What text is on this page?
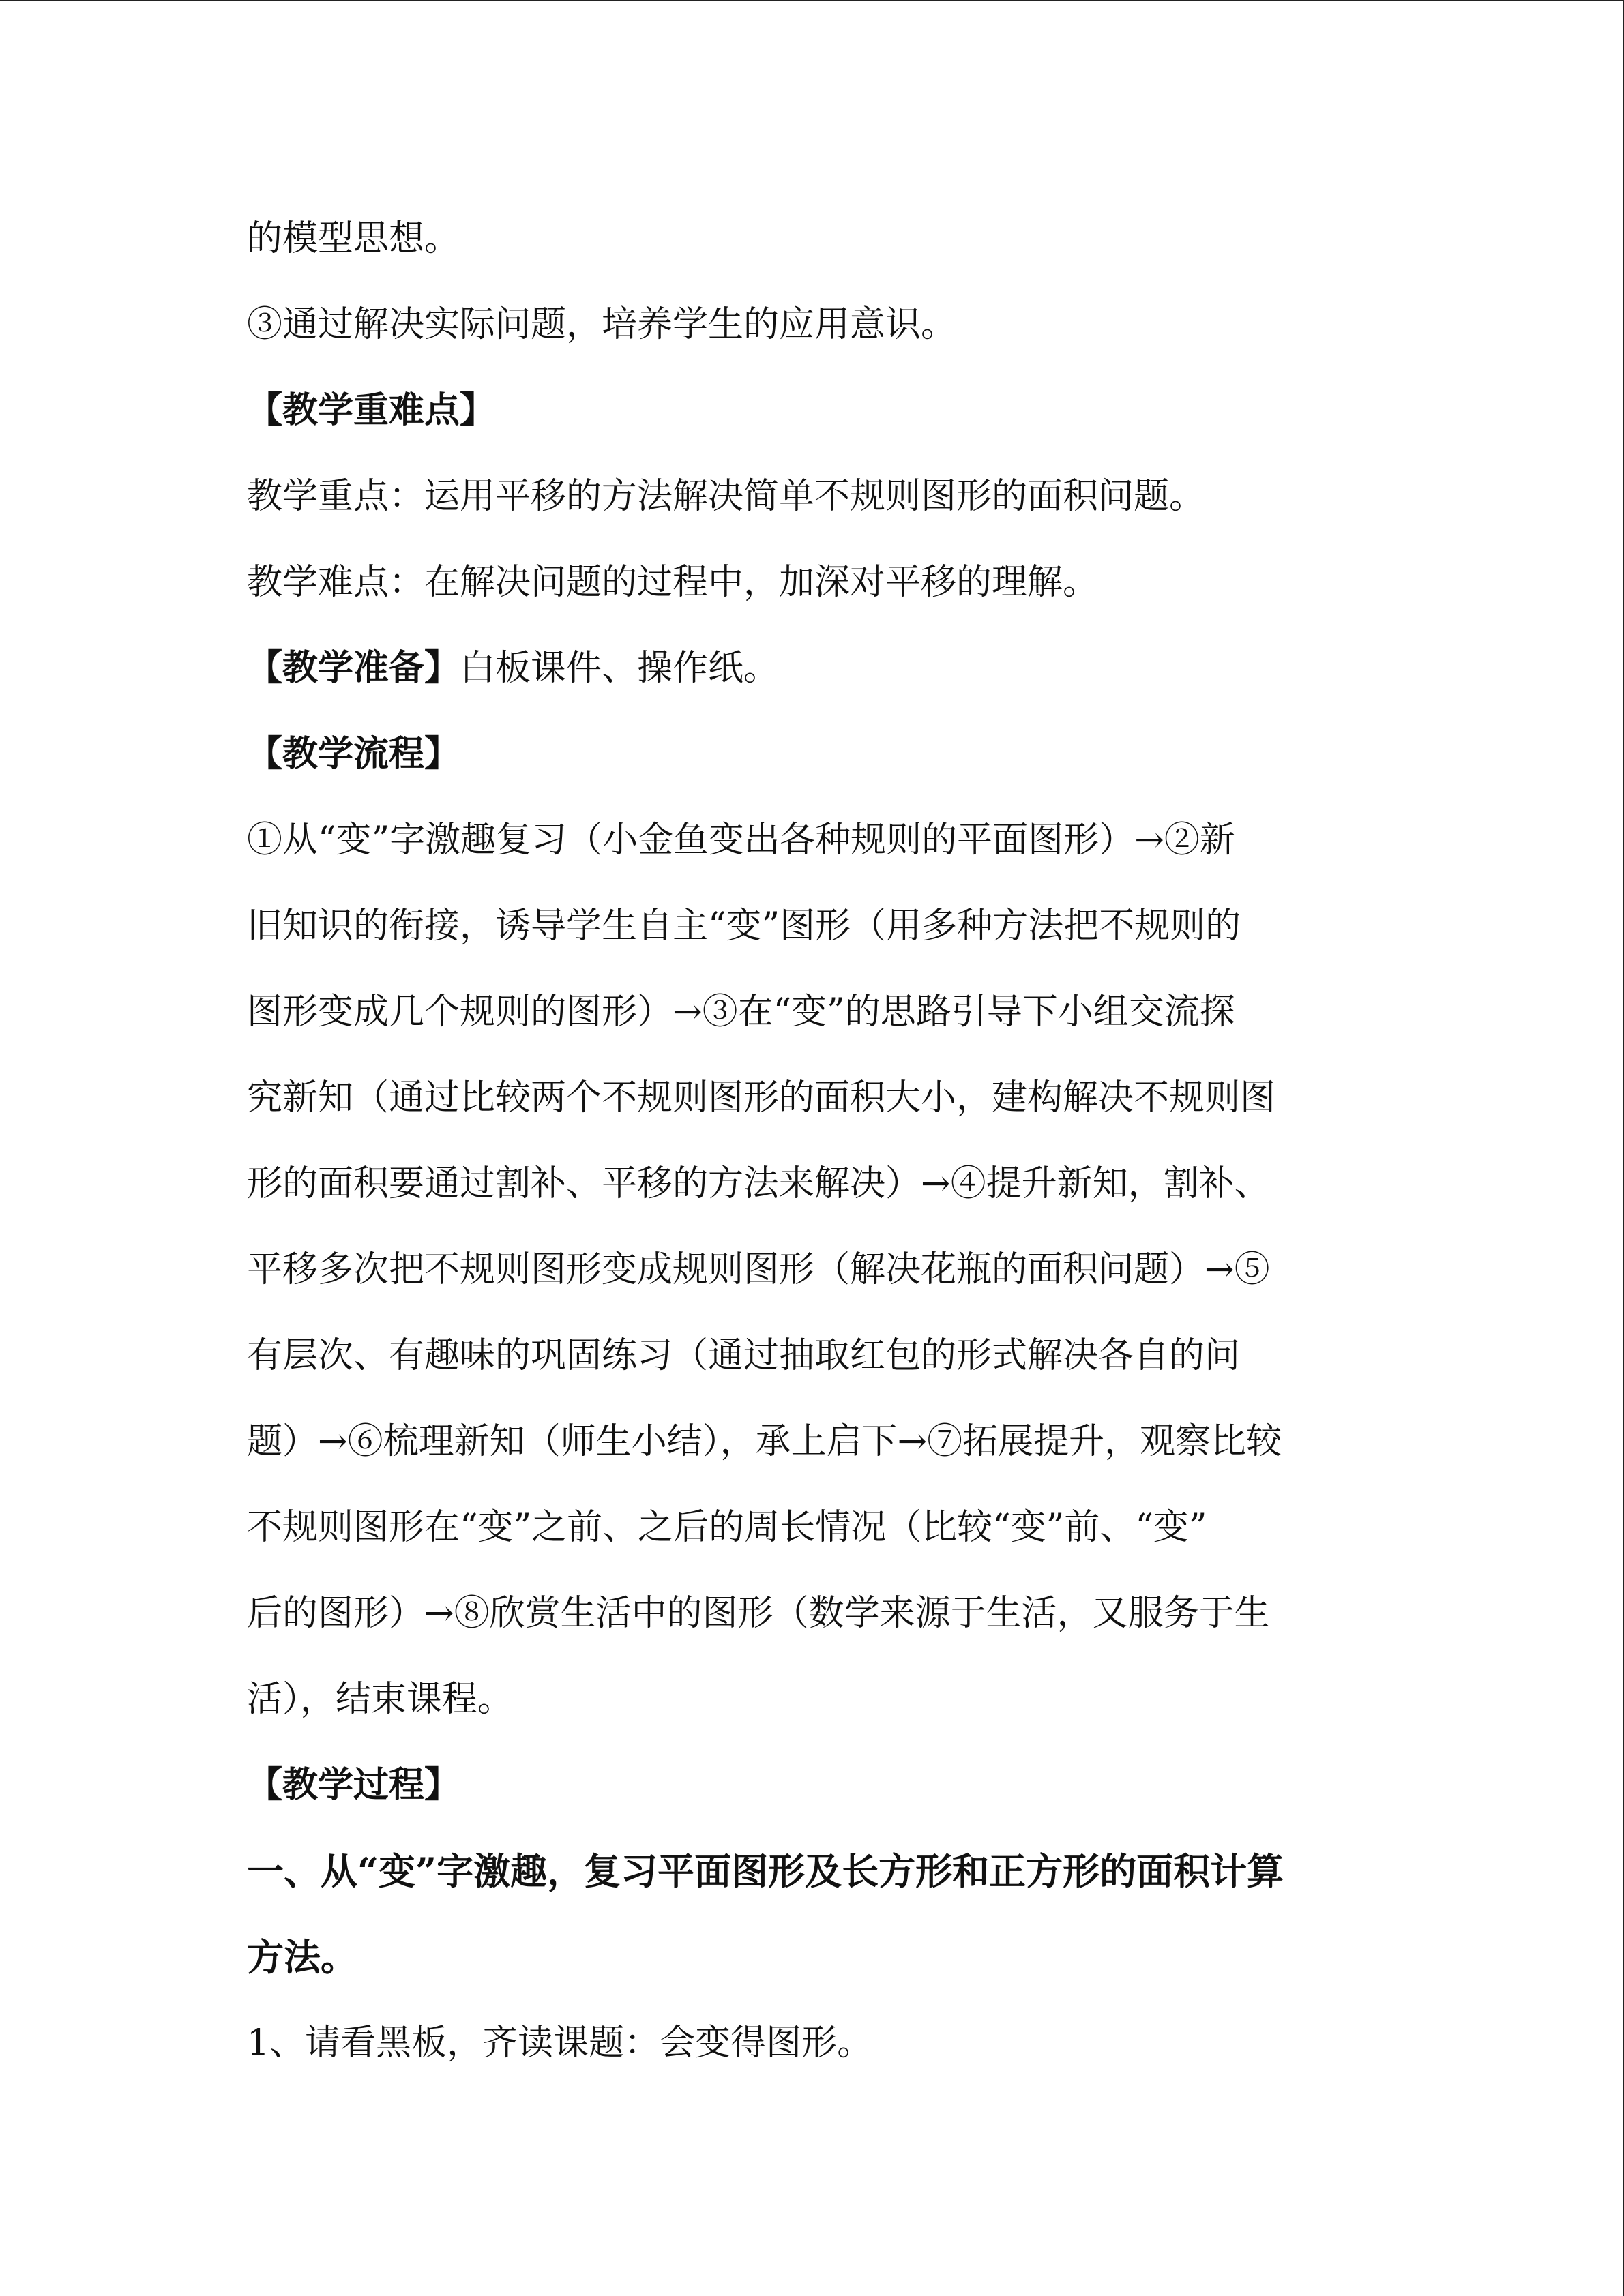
的模型思想。
③通过解决实际问题，培养学生的应用意识。
【教学重难点】
教学重点：运用平移的方法解决简单不规则图形的面积问题。
教学难点：在解决问题的过程中，加深对平移的理解。
【教学准备】白板课件、操作纸。
【教学流程】
①从“变”字激趣复习（小金鱼变出各种规则的平面图形）→②新
旧知识的衔接，诱导学生自主“变”图形（用多种方法把不规则的
图形变成几个规则的图形）→③在“变”的思路引导下小组交流探
究新知（通过比较两个不规则图形的面积大小，建构解决不规则图
形的面积要通过割补、平移的方法来解决）→④提升新知，割补、
平移多次把不规则图形变成规则图形（解决花瓶的面积问题）→⑤
有层次、有趣味的巩固练习（通过抽取红包的形式解决各自的问
题）→⑥梳理新知（师生小结），承上启下→⑦拓展提升，观察比较
不规则图形在“变”之前、之后的周长情况（比较“变”前、“变”
后的图形）→⑧欣赏生活中的图形（数学来源于生活，又服务于生
活），结束课程。
【教学过程】
一、从“变”字激趣，复习平面图形及长方形和正方形的面积计算
方法。
1、请看黑板，齐读课题：会变得图形。
